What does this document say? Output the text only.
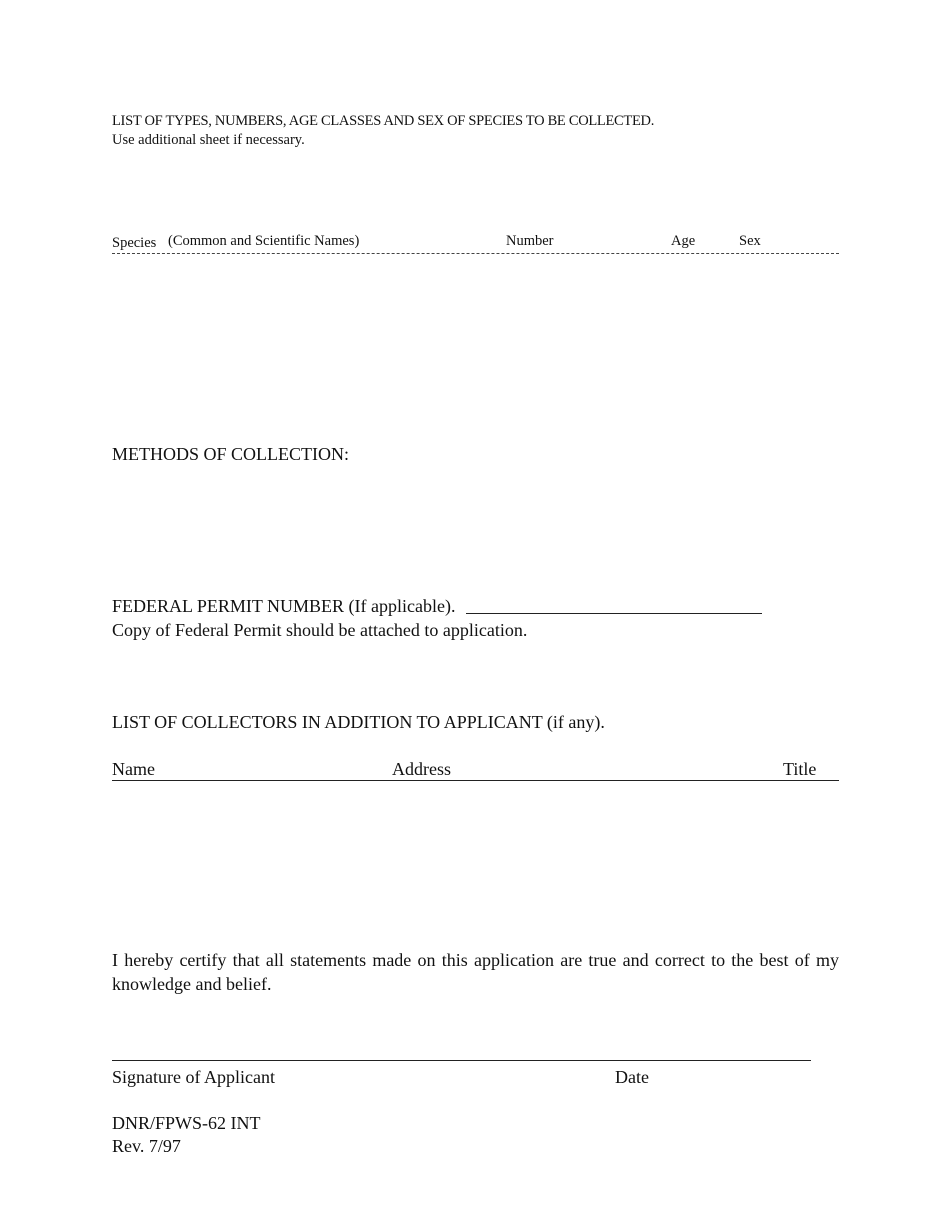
LIST OF TYPES, NUMBERS, AGE CLASSES AND SEX OF SPECIES TO BE COLLECTED.
Use additional sheet if necessary.
Species (Common and Scientific Names)	Number	Age	Sex
METHODS OF COLLECTION:
FEDERAL PERMIT NUMBER (If applicable).
Copy of Federal Permit should be attached to application.
LIST OF COLLECTORS IN ADDITION TO APPLICANT (if any).
Name	Address	Title
I hereby certify that all statements made on this application are true and correct to the best of my knowledge and belief.
Signature of Applicant	Date
DNR/FPWS-62 INT
Rev. 7/97
